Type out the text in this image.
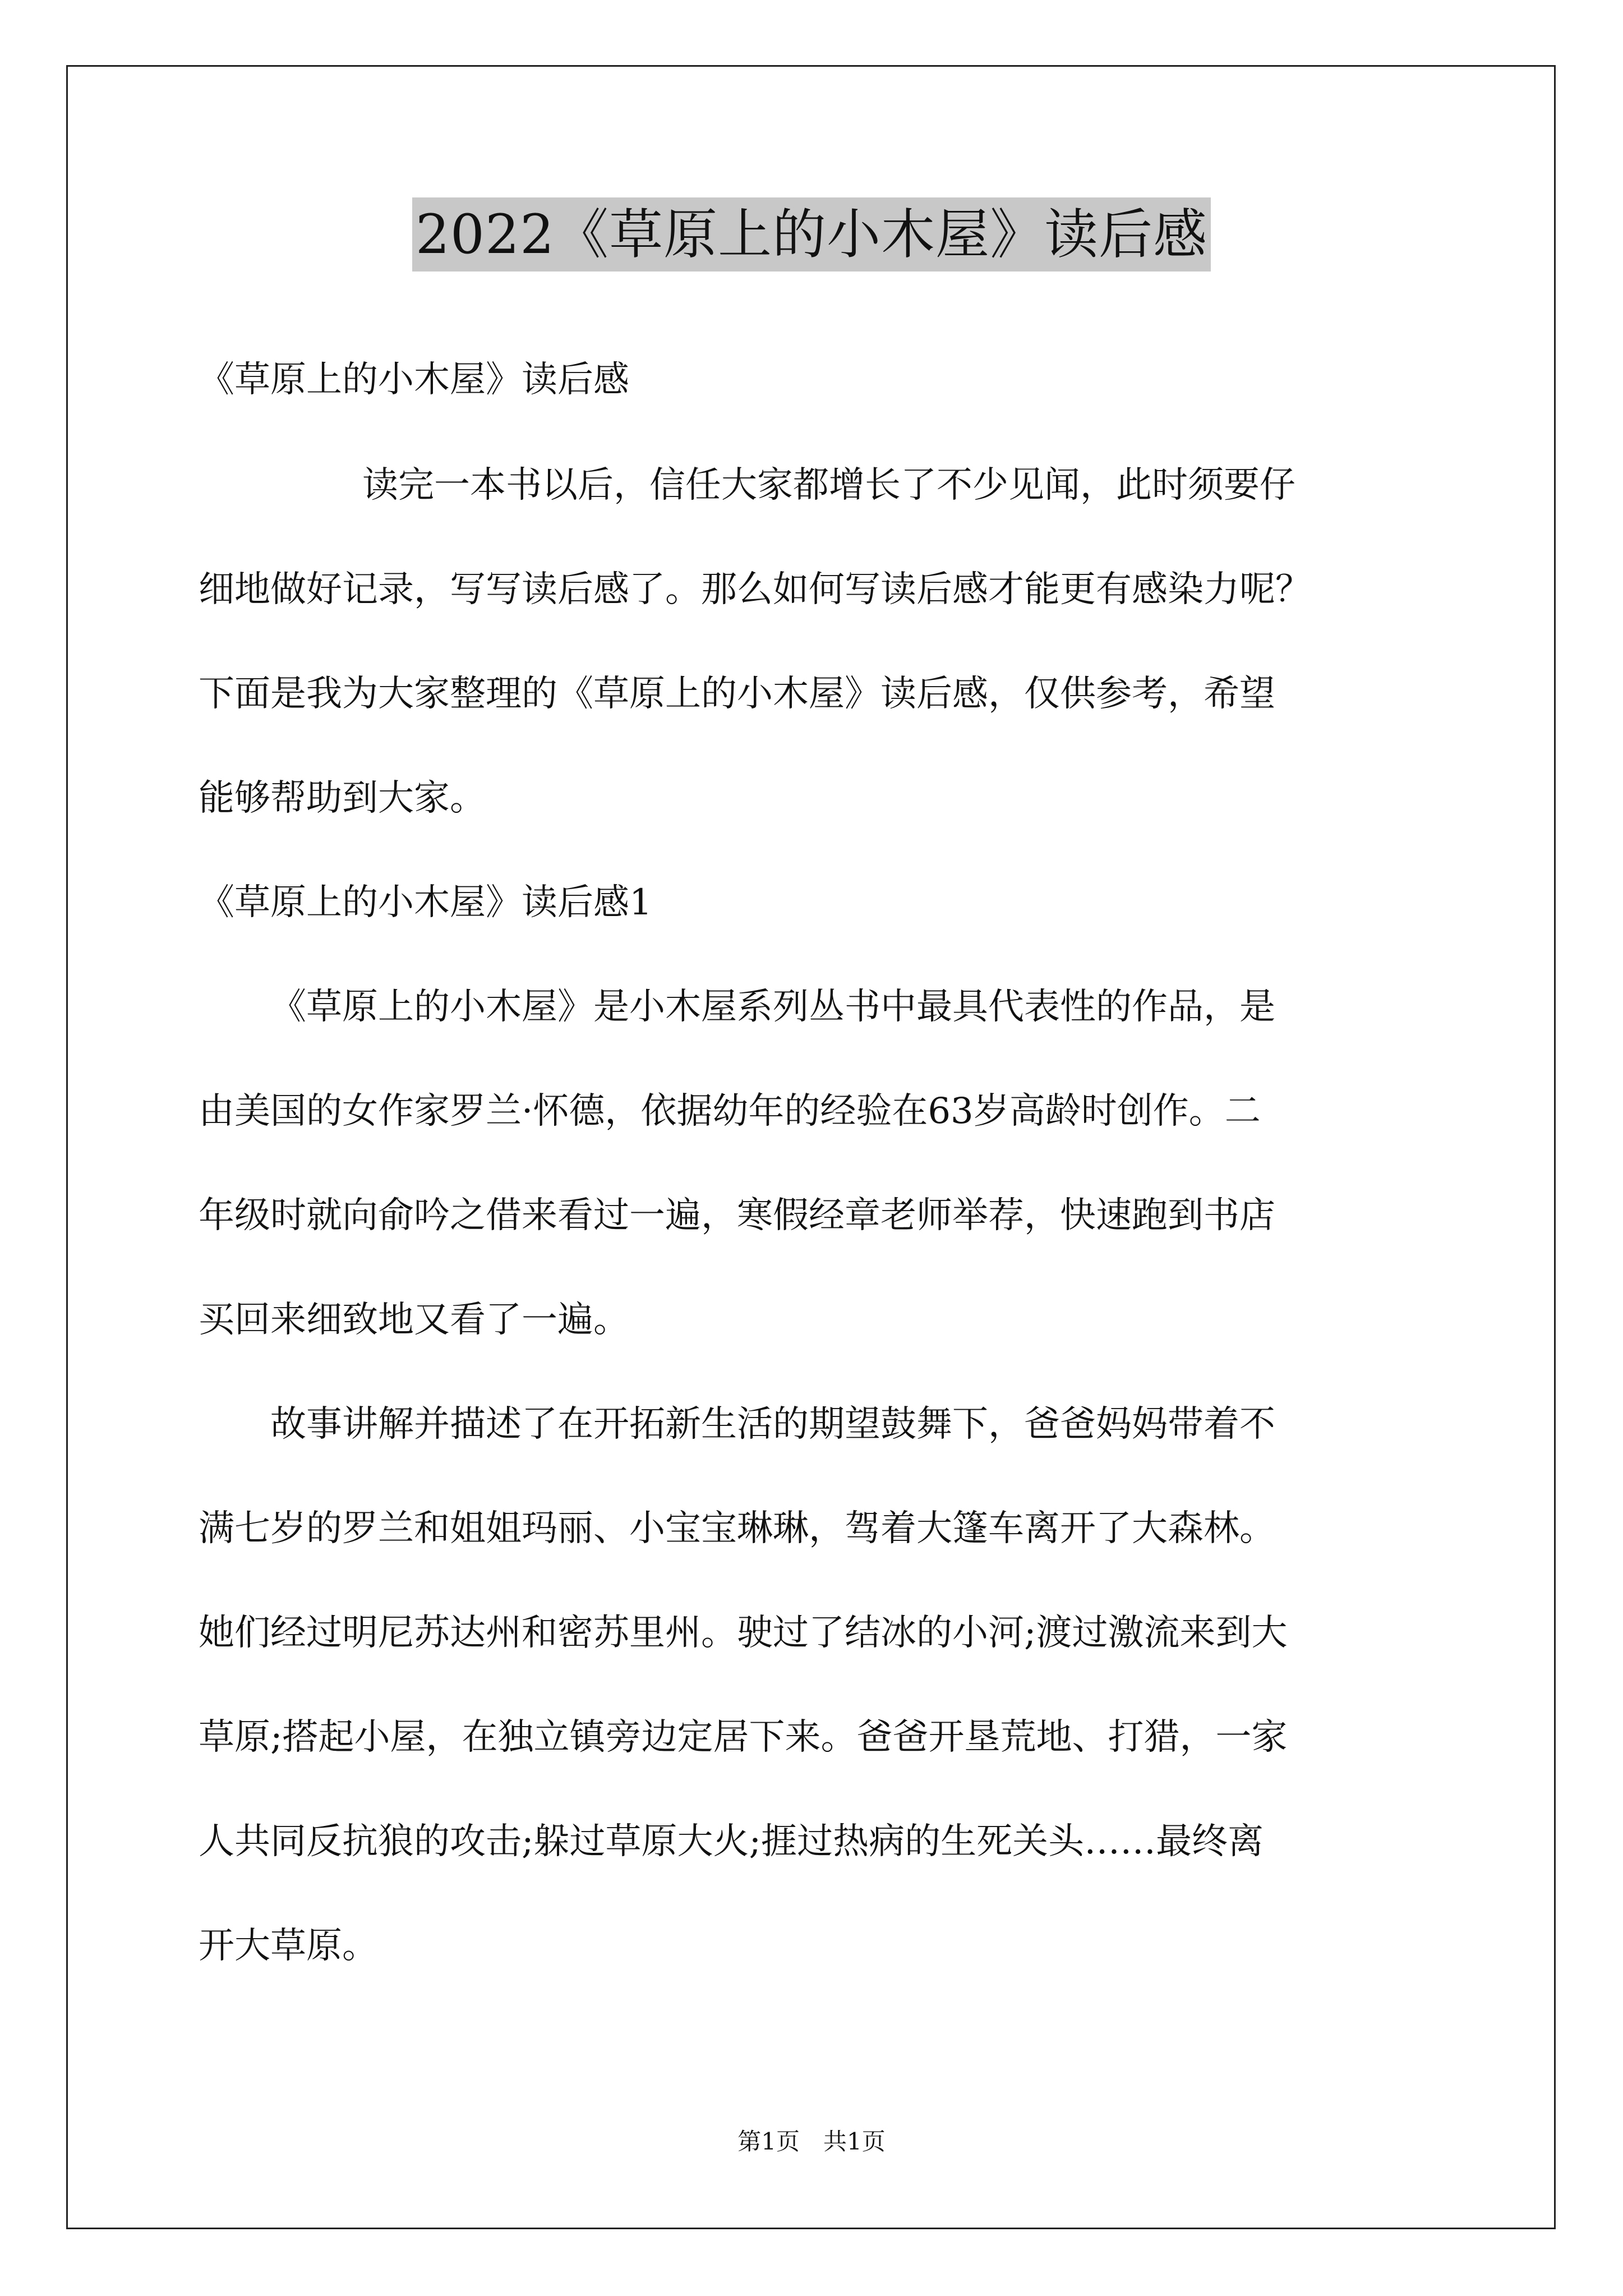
2022《草原上的小木屋》读后感
《草原上的小木屋》读后感
读完一本书以后，信任大家都增长了不少见闻，此时须要仔
细地做好记录，写写读后感了。那么如何写读后感才能更有感染力呢？
下面是我为大家整理的《草原上的小木屋》读后感，仅供参考，希望
能够帮助到大家。
《草原上的小木屋》读后感1
《草原上的小木屋》是小木屋系列丛书中最具代表性的作品，是
由美国的女作家罗兰·怀德，依据幼年的经验在63岁高龄时创作。二
年级时就向俞吟之借来看过一遍，寒假经章老师举荐，快速跑到书店
买回来细致地又看了一遍。
故事讲解并描述了在开拓新生活的期望鼓舞下，爸爸妈妈带着不
满七岁的罗兰和姐姐玛丽、小宝宝琳琳，驾着大篷车离开了大森林。
她们经过明尼苏达州和密苏里州。驶过了结冰的小河;渡过激流来到大
草原;搭起小屋，在独立镇旁边定居下来。爸爸开垦荒地、打猎，一家
人共同反抗狼的攻击;躲过草原大火;捱过热病的生死关头……最终离
开大草原。
第1页　共1页
